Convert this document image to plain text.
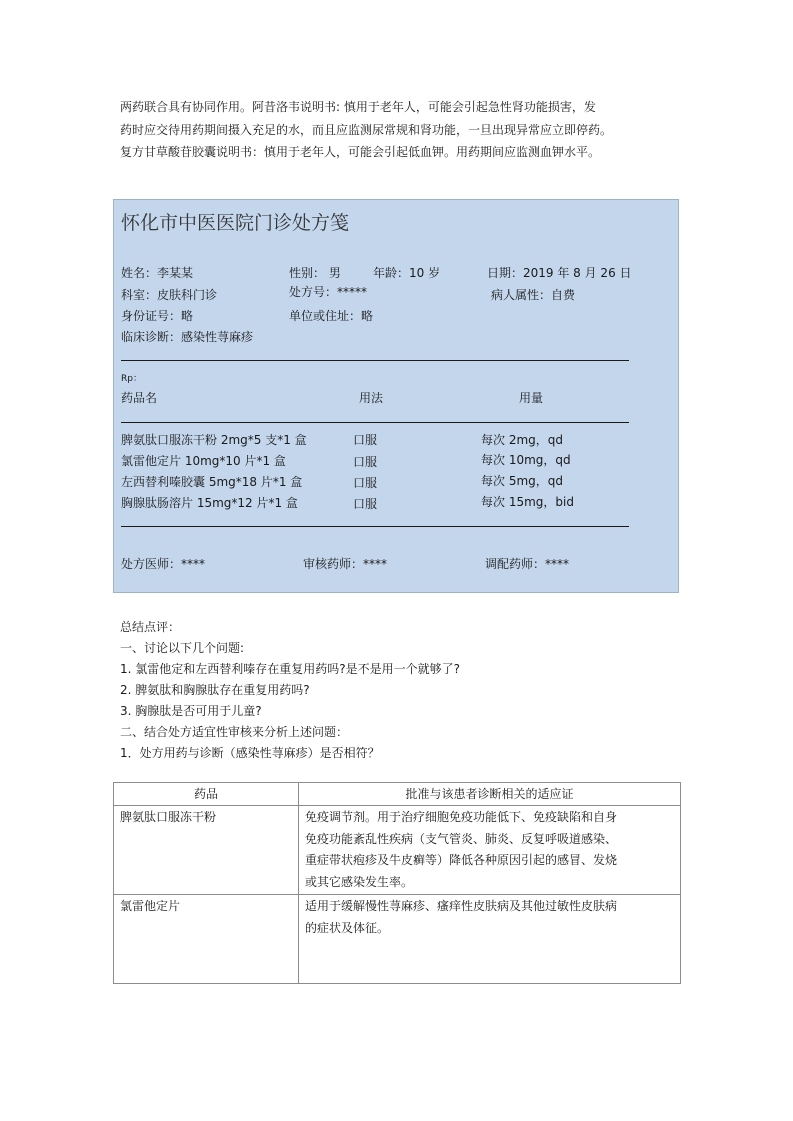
两药联合具有协同作用。阿昔洛韦说明书: 慎用于老年人，可能会引起急性肾功能损害，发
药时应交待用药期间摄入充足的水，而且应监测尿常规和肾功能，一旦出现异常应立即停药。
复方甘草酸苷胶囊说明书：慎用于老年人，可能会引起低血钾。用药期间应监测血钾水平。
怀化市中医医院门诊处方笺
姓名：李某某	性别： 男	年龄：10 岁	日期：2019 年 8 月 26 日
科室：皮肤科门诊	处方号：*****	病人属性：自费
身份证号：略	单位或住址：略
临床诊断：感染性荨麻疹
Rp：
药品名	用法	用量
脾氨肽口服冻干粉 2mg*5 支*1 盒	口服	每次 2mg，qd
氯雷他定片 10mg*10 片*1 盒	口服	每次 10mg，qd
左西替利嗪胶囊 5mg*18 片*1 盒	口服	每次 5mg，qd
胸腺肽肠溶片 15mg*12 片*1 盒	口服	每次 15mg，bid
处方医师：****	审核药师：****	调配药师：****
总结点评：
一、讨论以下几个问题:
1. 氯雷他定和左西替利嗪存在重复用药吗?是不是用一个就够了?
2. 脾氨肽和胸腺肽存在重复用药吗?
3. 胸腺肽是否可用于儿童?
二、结合处方适宜性审核来分析上述问题：
1．处方用药与诊断（感染性荨麻疹）是否相符？
药品	批准与该患者诊断相关的适应证
脾氨肽口服冻干粉	免疫调节剂。用于治疗细胞免疫功能低下、免疫缺陷和自身
免疫功能紊乱性疾病（支气管炎、肺炎、反复呼吸道感染、
重症带状疱疹及牛皮癣等）降低各种原因引起的感冒、发烧
或其它感染发生率。

氯雷他定片	适用于缓解慢性荨麻疹、瘙痒性皮肤病及其他过敏性皮肤病
的症状及体征。
